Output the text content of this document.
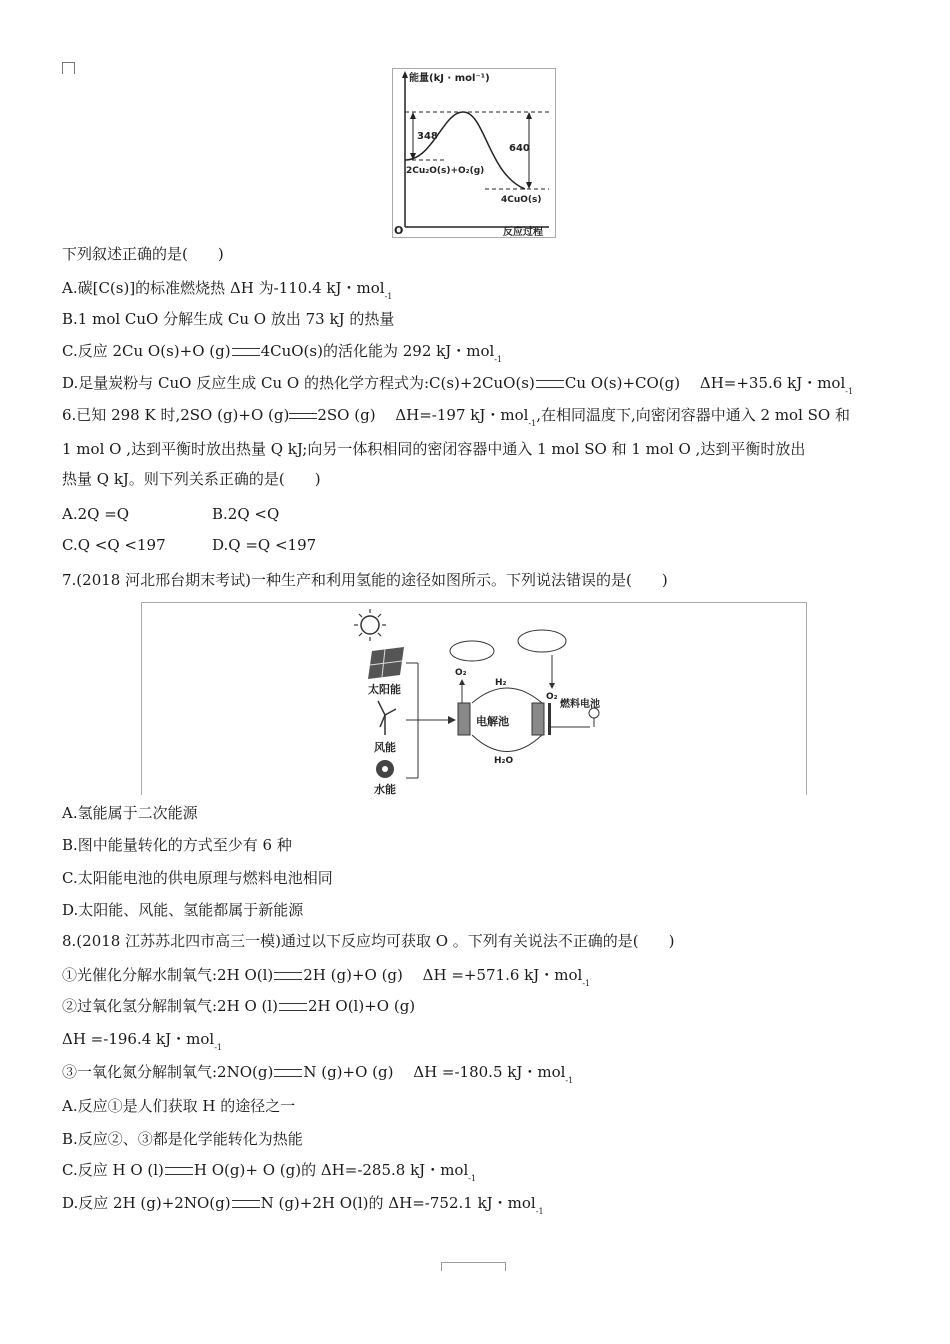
能量(kJ · mol⁻¹)
348
640
2Cu₂O(s)+O₂(g)
4CuO(s)
O	反应过程
下列叙述正确的是(　　)
A.碳[C(s)]的标准燃烧热 ΔH 为-110.4 kJ・mol$_{-1}$
B.1 mol CuO 分解生成 Cu O 放出 73 kJ 的热量
C.反应 2Cu O(s)+O (g) 4CuO(s)的活化能为 292 kJ・mol$_{-1}$
D.足量炭粉与 CuO 反应生成 Cu O 的热化学方程式为:C(s)+2CuO(s) Cu O(s)+CO(g)　 ΔH=+35.6 kJ・mol$_{-1}$
6.已知 298 K 时,2SO (g)+O (g) 2SO (g)　 ΔH=-197 kJ・mol$_{-1}$,在相同温度下,向密闭容器中通入 2 mol SO 和
1 mol O ,达到平衡时放出热量 Q kJ;向另一体积相同的密闭容器中通入 1 mol SO 和 1 mol O ,达到平衡时放出
热量 Q kJ。则下列关系正确的是(　　)
A.2Q =Q	B.2Q <Q
C.Q <Q <197	D.Q =Q <197
7.(2018 河北邢台期末考试)一种生产和利用氢能的途径如图所示。下列说法错误的是(　　)
太阳能
风能
水能
O₂
电解池
H₂
H₂O
O₂
燃料电池
A.氢能属于二次能源
B.图中能量转化的方式至少有 6 种
C.太阳能电池的供电原理与燃料电池相同
D.太阳能、风能、氢能都属于新能源
8.(2018 江苏苏北四市高三一模)通过以下反应均可获取 O 。下列有关说法不正确的是(　　)
①光催化分解水制氧气:2H O(l) 2H (g)+O (g)　 ΔH =+571.6 kJ・mol$_{-1}$
②过氧化氢分解制氧气:2H O (l) 2H O(l)+O (g)
ΔH =-196.4 kJ・mol$_{-1}$
③一氧化氮分解制氧气:2NO(g) N (g)+O (g)　 ΔH =-180.5 kJ・mol$_{-1}$
A.反应①是人们获取 H 的途径之一
B.反应②、③都是化学能转化为热能
C.反应 H O (l) H O(g)+ O (g)的 ΔH=-285.8 kJ・mol$_{-1}$
D.反应 2H (g)+2NO(g) N (g)+2H O(l)的 ΔH=-752.1 kJ・mol$_{-1}$
